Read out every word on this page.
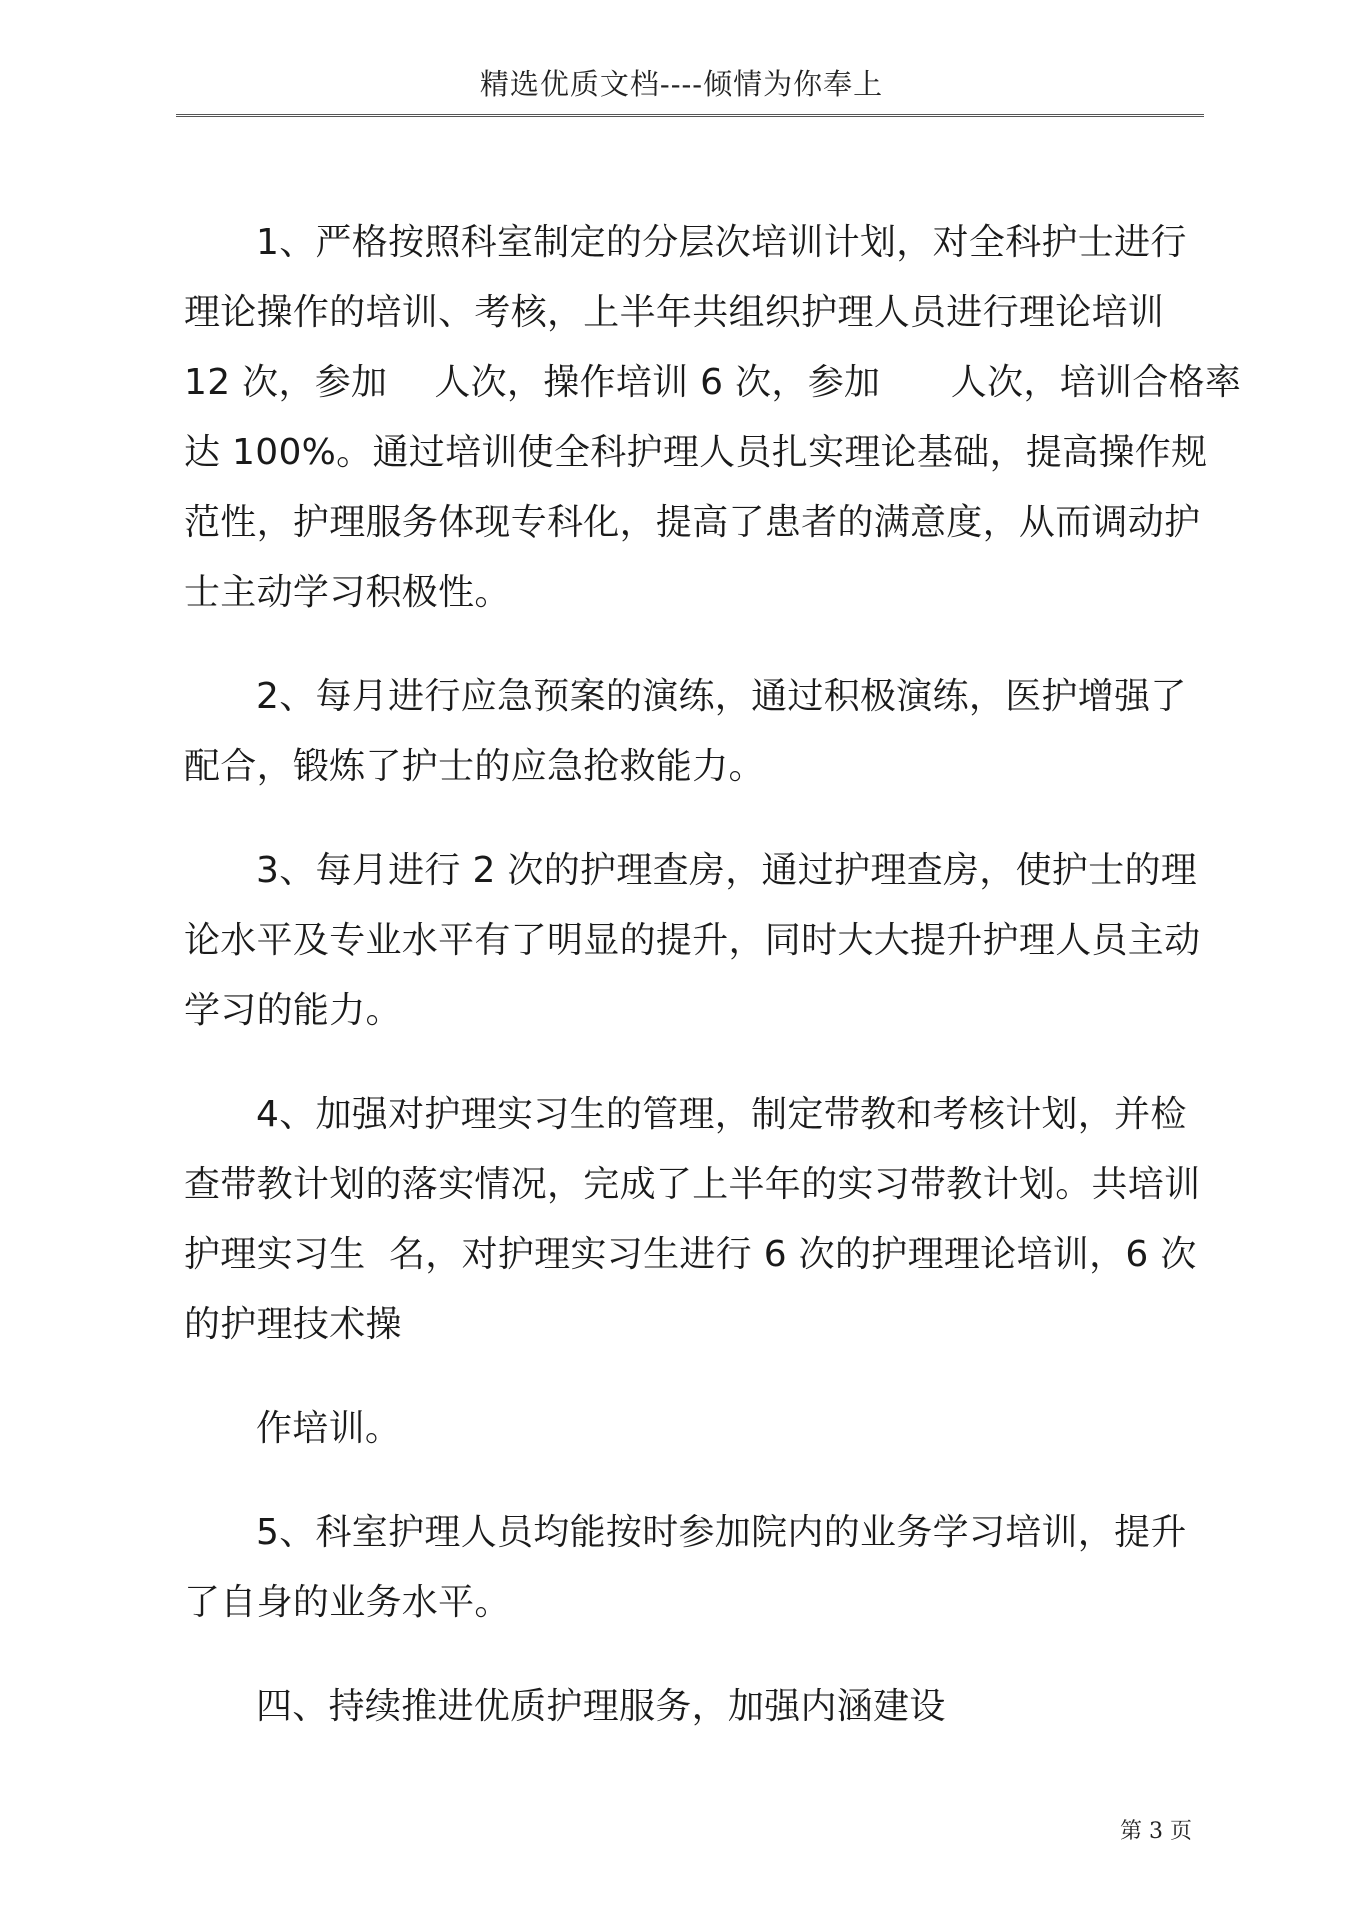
精选优质文档----倾情为你奉上

1、严格按照科室制定的分层次培训计划，对全科护士进行
理论操作的培训、考核，上半年共组织护理人员进行理论培训
12 次，参加    人次，操作培训 6 次，参加      人次，培训合格率
达 100%。通过培训使全科护理人员扎实理论基础，提高操作规
范性，护理服务体现专科化，提高了患者的满意度，从而调动护
士主动学习积极性。

2、每月进行应急预案的演练，通过积极演练，医护增强了
配合，锻炼了护士的应急抢救能力。

3、每月进行 2 次的护理查房，通过护理查房，使护士的理
论水平及专业水平有了明显的提升，同时大大提升护理人员主动
学习的能力。

4、加强对护理实习生的管理，制定带教和考核计划，并检
查带教计划的落实情况，完成了上半年的实习带教计划。共培训
护理实习生  名，对护理实习生进行 6 次的护理理论培训，6 次
的护理技术操

作培训。

5、科室护理人员均能按时参加院内的业务学习培训，提升
了自身的业务水平。

四、持续推进优质护理服务，加强内涵建设

第 3 页
